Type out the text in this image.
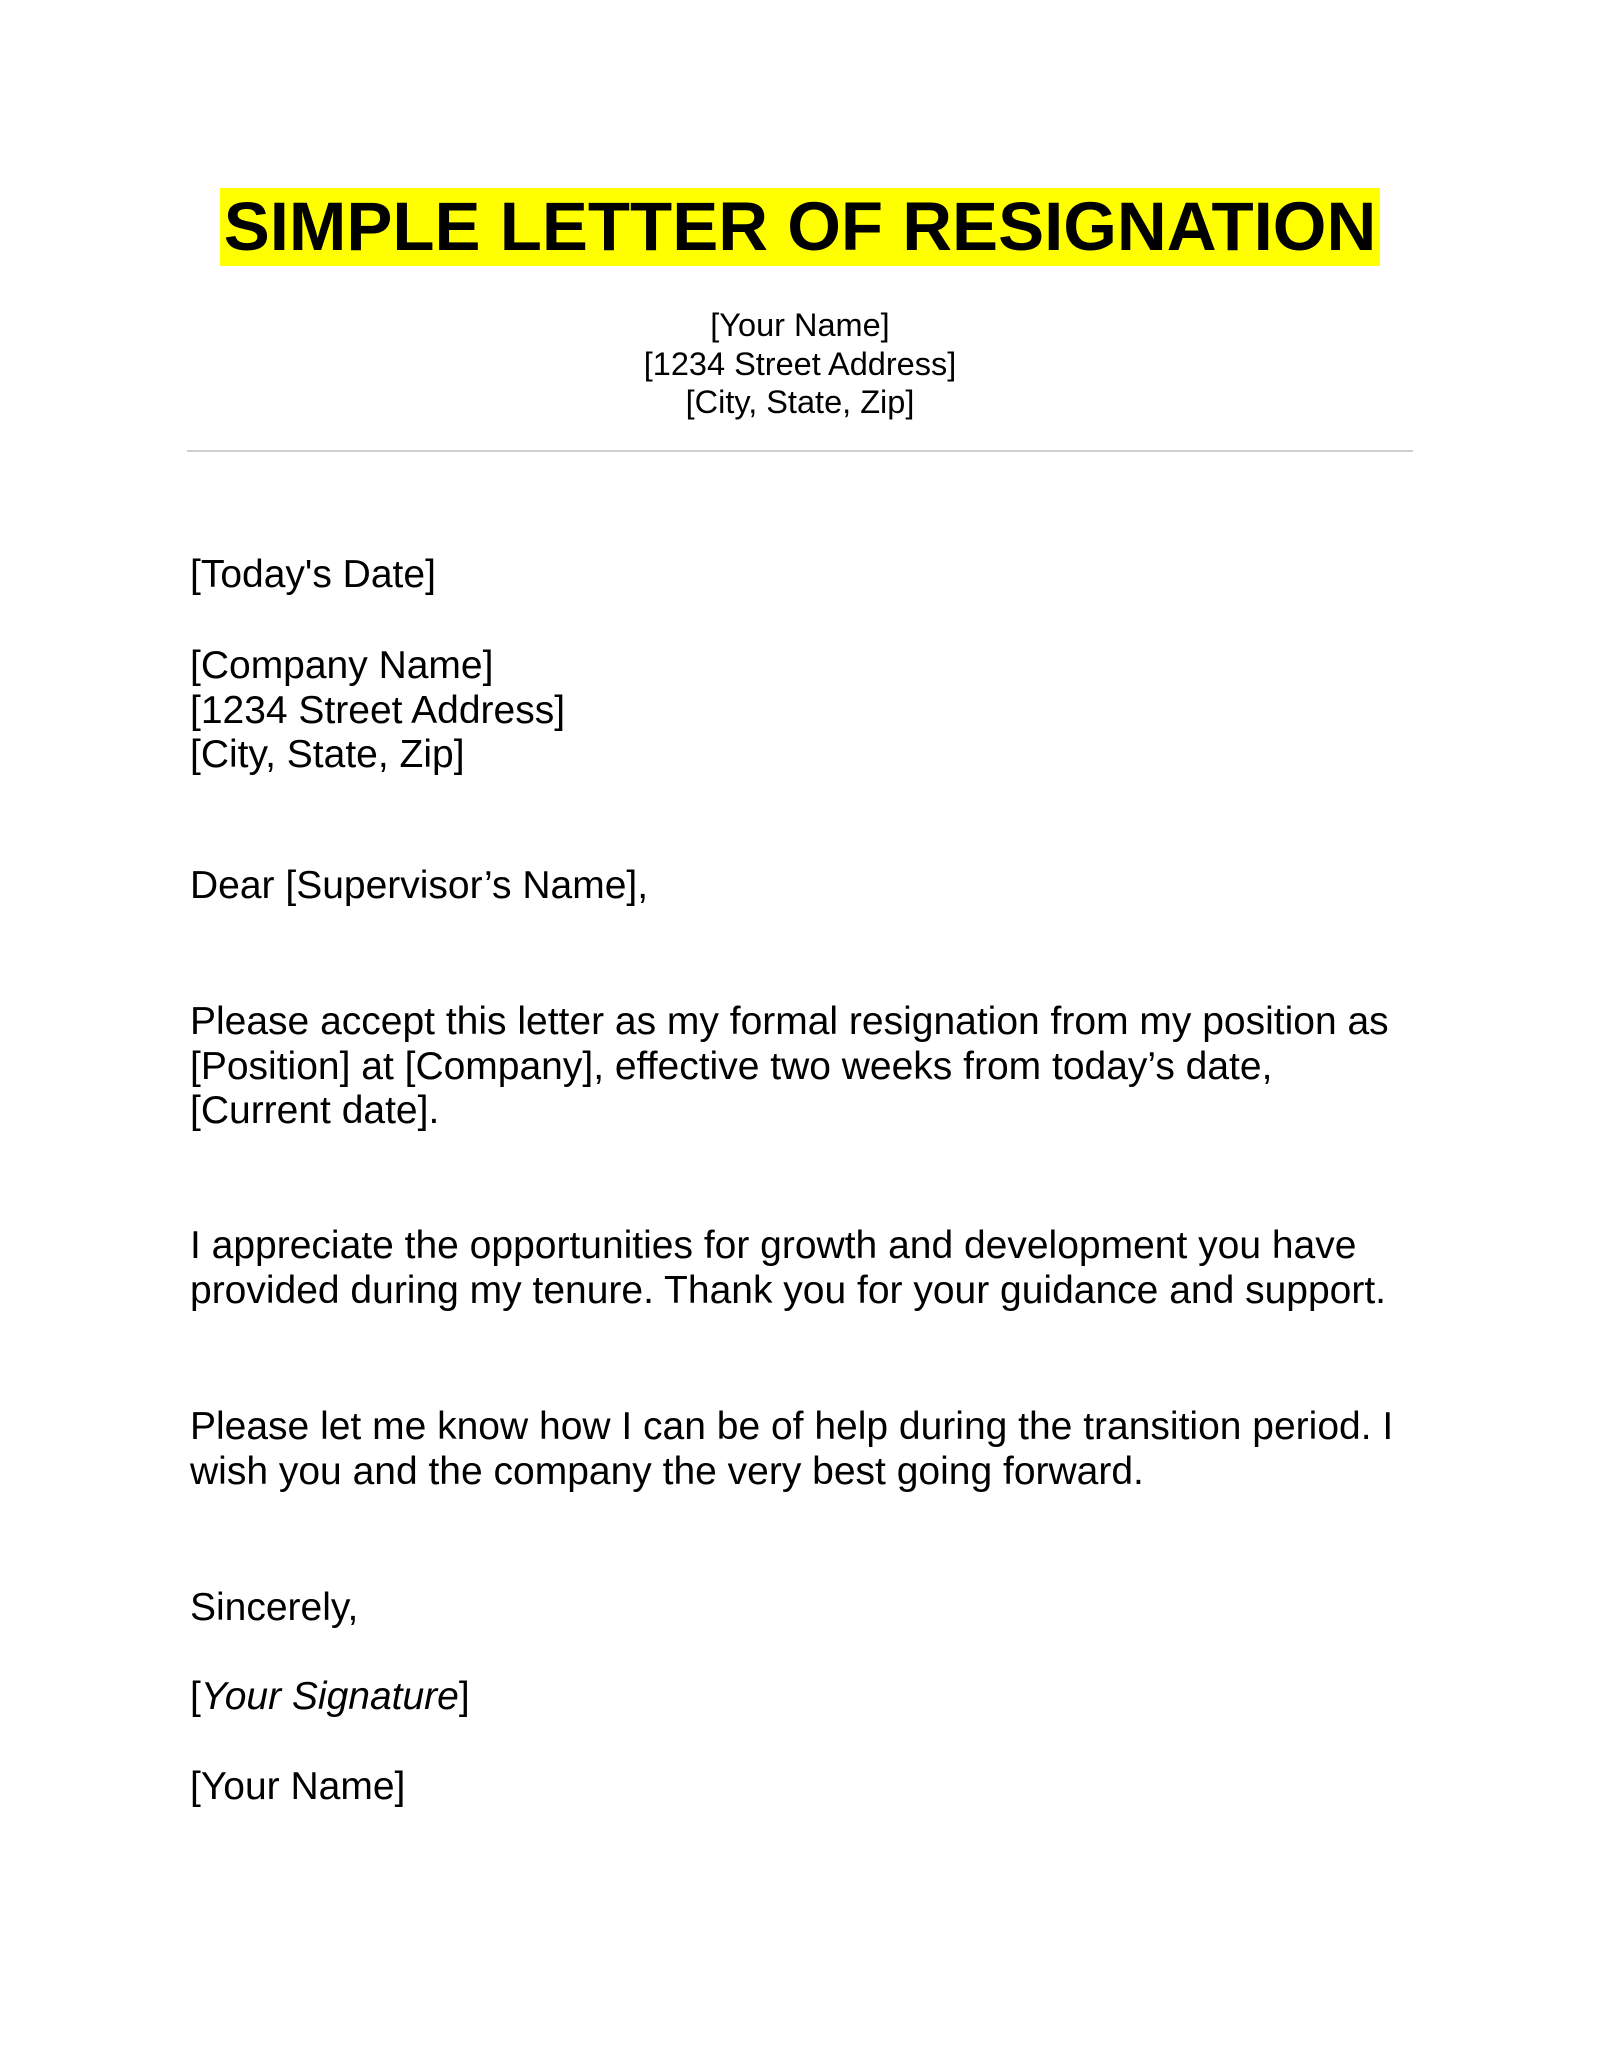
SIMPLE LETTER OF RESIGNATION
[Your Name]
[1234 Street Address]
[City, State, Zip]
[Today's Date]
[Company Name]
[1234 Street Address]
[City, State, Zip]
Dear [Supervisor’s Name],
Please accept this letter as my formal resignation from my position as
[Position] at [Company], effective two weeks from today’s date,
[Current date].
I appreciate the opportunities for growth and development you have
provided during my tenure. Thank you for your guidance and support.
Please let me know how I can be of help during the transition period. I
wish you and the company the very best going forward.
Sincerely,
[Your Signature]
[Your Name]
